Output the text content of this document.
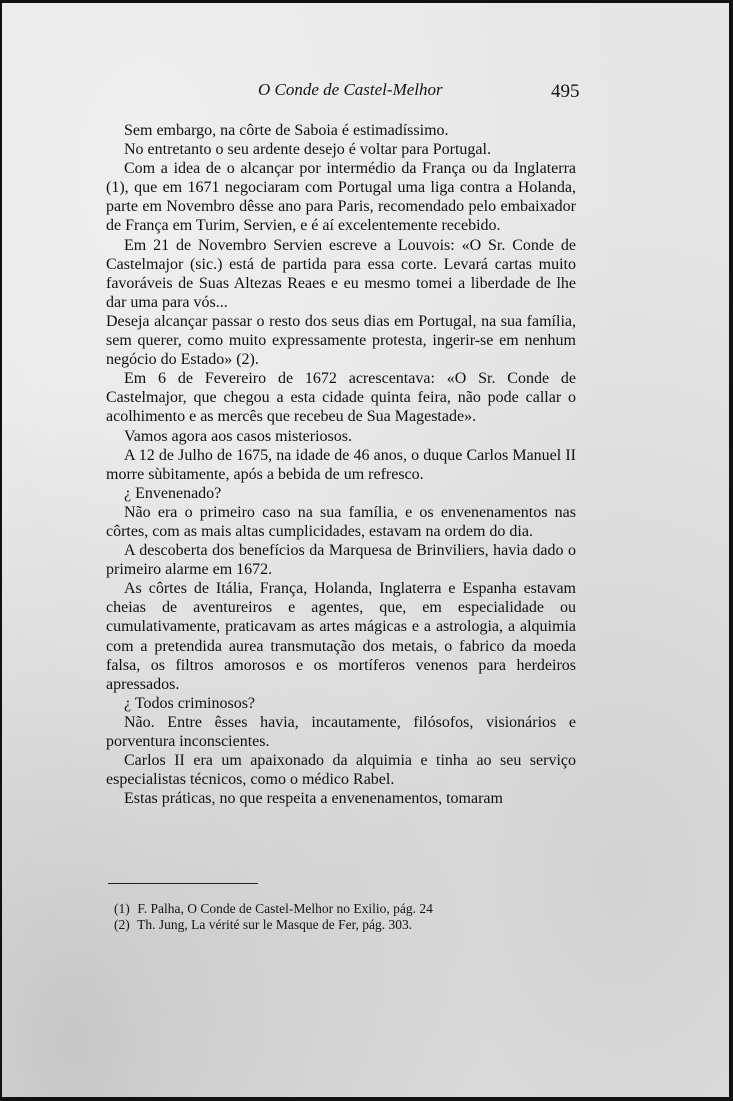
O Conde de Castel-Melhor	495

Sem embargo, na côrte de Saboia é estimadíssimo.

No entretanto o seu ardente desejo é voltar para Portugal.

Com a idea de o alcançar por intermédio da França ou da Inglaterra (1), que em 1671 negociaram com Portugal uma liga contra a Holanda, parte em Novembro dêsse ano para Paris, recomendado pelo embaixador de França em Turim, Servien, e é aí excelentemente recebido.

Em 21 de Novembro Servien escreve a Louvois: «O Sr. Conde de Castelmajor (sic.) está de partida para essa corte. Levará cartas muito favoráveis de Suas Altezas Reaes e eu mesmo tomei a liberdade de lhe dar uma para vós...

Deseja alcançar passar o resto dos seus dias em Portugal, na sua família, sem querer, como muito expressamente protesta, ingerir-se em nenhum negócio do Estado» (2).

Em 6 de Fevereiro de 1672 acrescentava: «O Sr. Conde de Castelmajor, que chegou a esta cidade quinta feira, não pode callar o acolhimento e as mercês que recebeu de Sua Magestade».

Vamos agora aos casos misteriosos.

A 12 de Julho de 1675, na idade de 46 anos, o duque Carlos Manuel II morre sùbitamente, após a bebida de um refresco.

¿ Envenenado?

Não era o primeiro caso na sua família, e os envenenamentos nas côrtes, com as mais altas cumplicidades, estavam na ordem do dia.

A descoberta dos benefícios da Marquesa de Brinviliers, havia dado o primeiro alarme em 1672.

As côrtes de Itália, França, Holanda, Inglaterra e Espanha estavam cheias de aventureiros e agentes, que, em especialidade ou cumulativamente, praticavam as artes mágicas e a astrologia, a alquimia com a pretendida aurea transmutação dos metais, o fabrico da moeda falsa, os filtros amorosos e os mortíferos venenos para herdeiros apressados.

¿ Todos criminosos?

Não. Entre êsses havia, incautamente, filósofos, visionários e porventura inconscientes.

Carlos II era um apaixonado da alquimia e tinha ao seu serviço especialistas técnicos, como o médico Rabel.

Estas práticas, no que respeita a envenenamentos, tomaram

(1) F. Palha, O Conde de Castel-Melhor no Exilio, pág. 24

(2) Th. Jung, La vérité sur le Masque de Fer, pág. 303.
